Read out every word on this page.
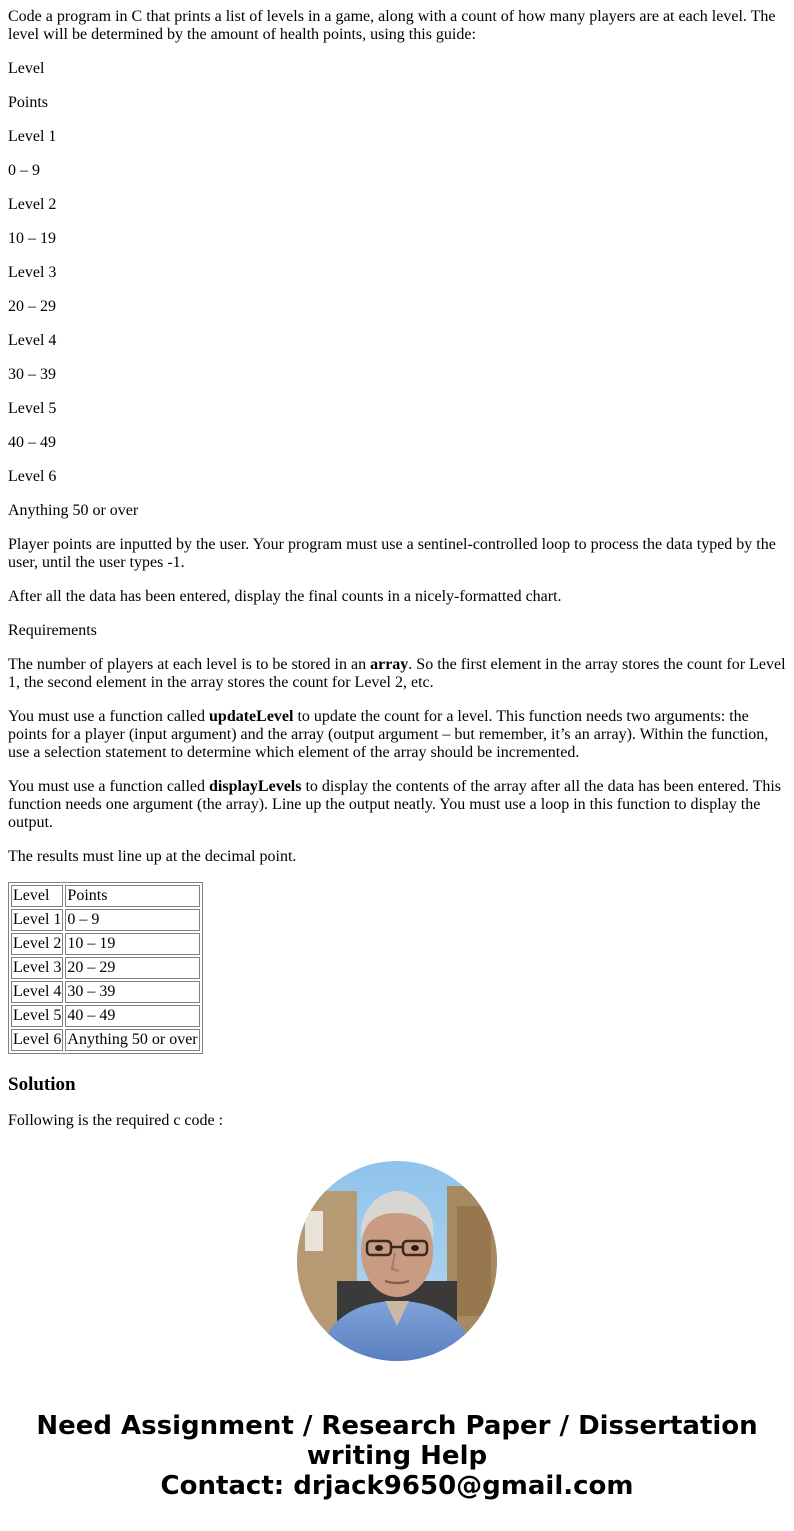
Code a program in C that prints a list of levels in a game, along with a count of how many players are at each level. The level will be determined by the amount of health points, using this guide:

Level

Points

Level 1

0 – 9

Level 2

10 – 19

Level 3

20 – 29

Level 4

30 – 39

Level 5

40 – 49

Level 6

Anything 50 or over

Player points are inputted by the user. Your program must use a sentinel-controlled loop to process the data typed by the user, until the user types -1.

After all the data has been entered, display the final counts in a nicely-formatted chart.

Requirements

The number of players at each level is to be stored in an array. So the first element in the array stores the count for Level 1, the second element in the array stores the count for Level 2, etc.

You must use a function called updateLevel to update the count for a level. This function needs two arguments: the points for a player (input argument) and the array (output argument – but remember, it’s an array). Within the function, use a selection statement to determine which element of the array should be incremented.

You must use a function called displayLevels to display the contents of the array after all the data has been entered. This function needs one argument (the array). Line up the output neatly. You must use a loop in this function to display the output.

The results must line up at the decimal point.

Level	Points
Level 1	0 – 9
Level 2	10 – 19
Level 3	20 – 29
Level 4	30 – 39
Level 5	40 – 49
Level 6	Anything 50 or over
Solution

Following is the required c code :

Need Assignment / Research Paper / Dissertation
writing Help
Contact: drjack9650@gmail.com
